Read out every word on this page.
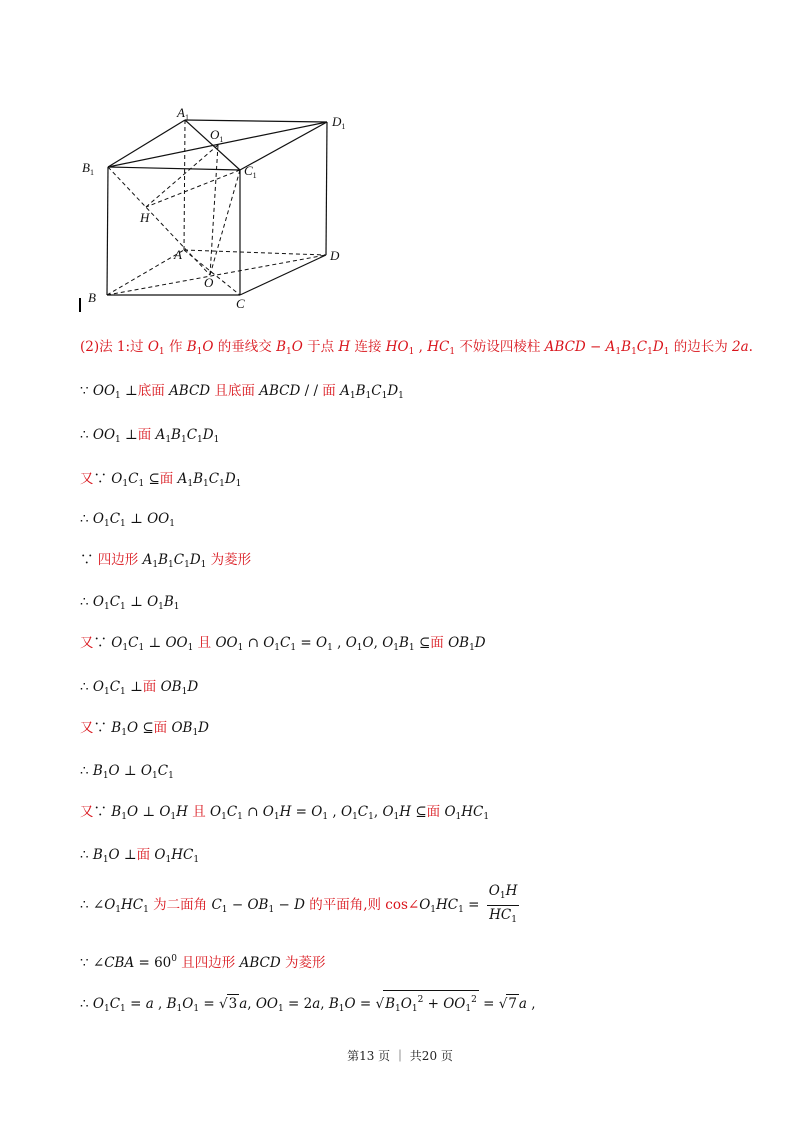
$A_1$
$O_1$
$D_1$
$B_1$	$C_1$
H
A	D
O
B	C
(2)法 1:过 $O_1$ 作 $B_1O$ 的垂线交 $B_1O$ 于点 H 连接 $HO_1$ , $HC_1$ 不妨设四棱柱 ABCD − $A_1B_1C_1D_1$ 的边长为 2a.
∵ $OO_1$ ⊥底面 ABCD 且底面 ABCD / / 面 $A_1B_1C_1D_1$
∴ $OO_1$ ⊥面 $A_1B_1C_1D_1$
又∵ $O_1C_1$ ⊆面 $A_1B_1C_1D_1$
∴ $O_1C_1$ ⊥ $OO_1$
∵ 四边形 $A_1B_1C_1D_1$ 为菱形
∴ $O_1C_1$ ⊥ $O_1B_1$
又∵ $O_1C_1$ ⊥ $OO_1$ 且 $OO_1$ ∩ $O_1C_1 = O_1$ , $O_1O$, $O_1B_1$ ⊆面 $OB_1D$
∴ $O_1C_1$ ⊥面 $OB_1D$
又∵ $B_1O$ ⊆面 $OB_1D$
∴ $B_1O$ ⊥ $O_1C_1$
又∵ $B_1O$ ⊥ $O_1H$ 且 $O_1C_1$ ∩ $O_1H = O_1$ , $O_1C_1$, $O_1H$ ⊆面 $O_1HC_1$
∴ $B_1O$ ⊥面 $O_1HC_1$
∴ $\angle O_1HC_1$ 为二面角 $C_1 - OB_1 - D$ 的平面角,则 $\cos\angle O_1HC_1 = \frac{O_1H}{HC_1}$
∵ ∠CBA = $60^0$ 且四边形 ABCD 为菱形
∴ $O_1C_1 = a$ , $B_1O_1 = √3$ a, $OO_1 = 2a$, $B_1O = √B_1O_1^2 + OO_1^2 = √7$ a ,
第13 页 ｜ 共20 页
